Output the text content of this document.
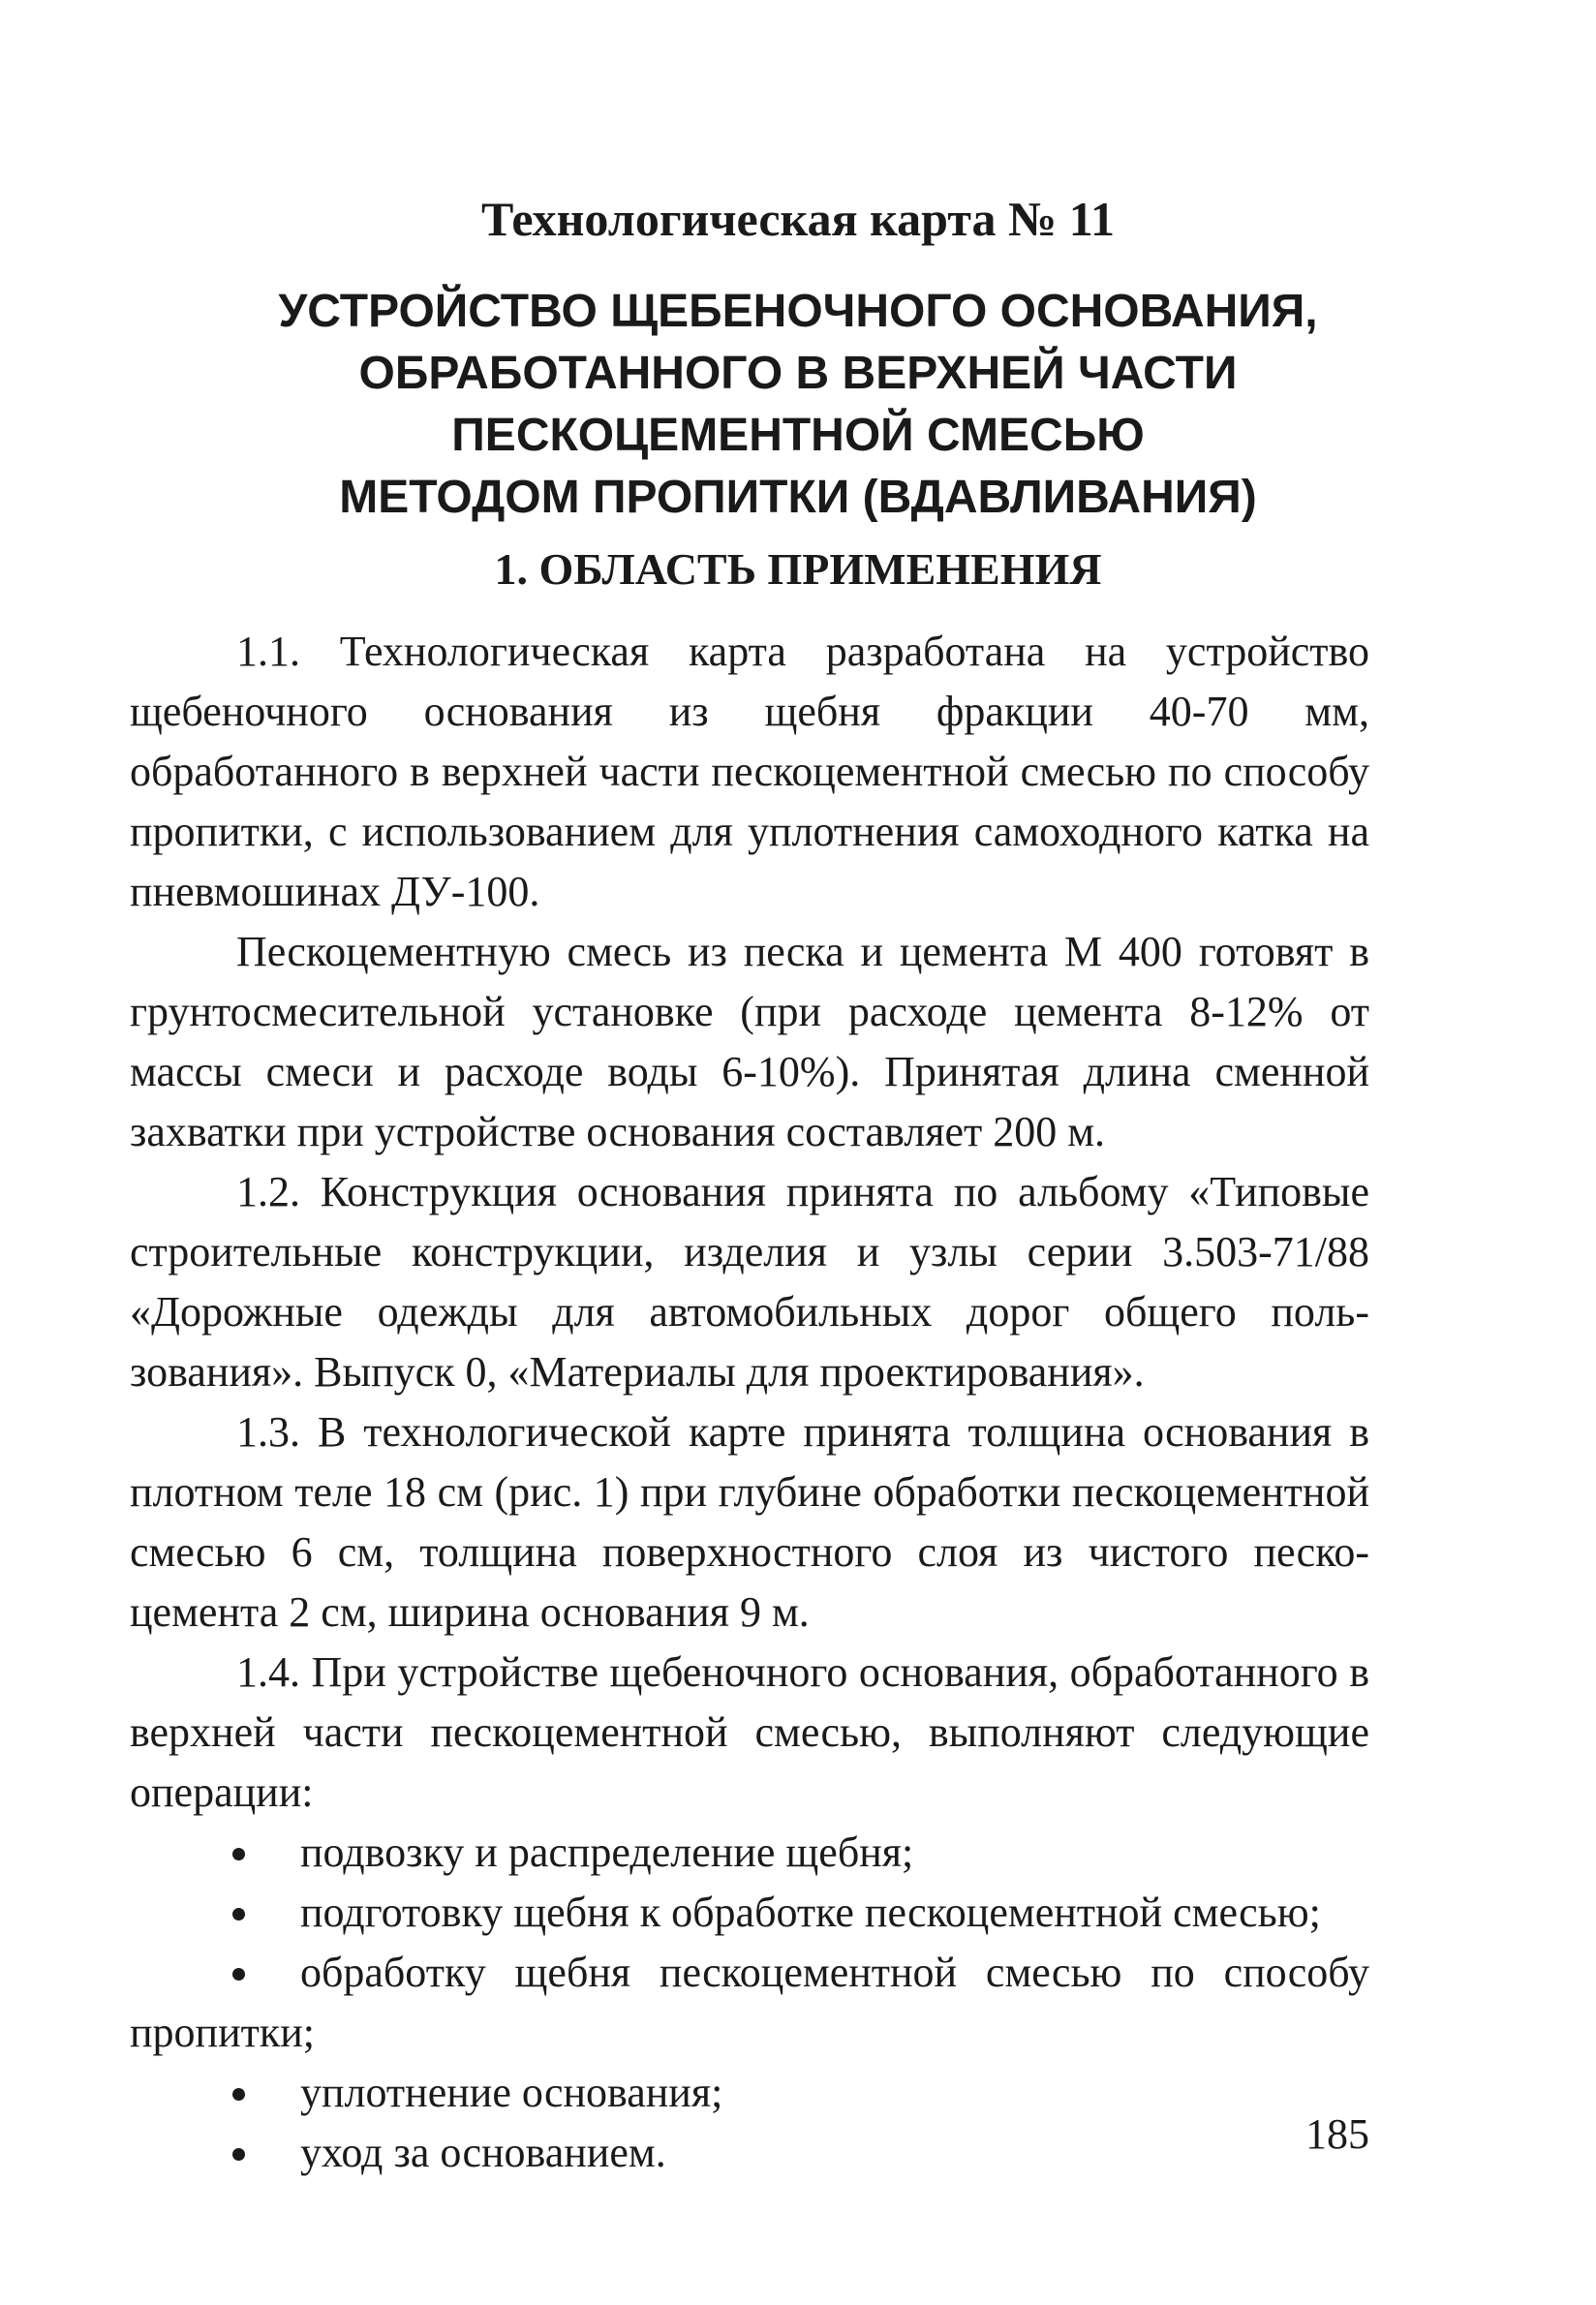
Технологическая карта № 11
УСТРОЙСТВО ЩЕБЕНОЧНОГО ОСНОВАНИЯ,
ОБРАБОТАННОГО В ВЕРХНЕЙ ЧАСТИ
ПЕСКОЦЕМЕНТНОЙ СМЕСЬЮ
МЕТОДОМ ПРОПИТКИ (ВДАВЛИВАНИЯ)
1. ОБЛАСТЬ ПРИМЕНЕНИЯ

1.1. Технологическая карта разработана на устройство щебеночного основания из щебня фракции 40-70 мм, обработанного в верхней части пескоцементной смесью по способу пропитки, с использованием для уплотнения самоходного катка на пневмошинах ДУ-100.

Пескоцементную смесь из песка и цемента М 400 готовят в грунтосмесительной установке (при расходе цемента 8-12% от массы смеси и расходе воды 6-10%). Принятая длина сменной захватки при устройстве основания составляет 200 м.

1.2. Конструкция основания принята по альбому «Типовые строительные конструкции, изделия и узлы серии 3.503-71/88 «Дорожные одежды для автомобильных дорог общего поль-зования». Выпуск 0, «Материалы для проектирования».

1.3. В технологической карте принята толщина основания в плотном теле 18 см (рис. 1) при глубине обработки пескоцементной смесью 6 см, толщина поверхностного слоя из чистого песко-цемента 2 см, ширина основания 9 м.

1.4. При устройстве щебеночного основания, обработанного в верхней части пескоцементной смесью, выполняют следующие операции:

подвозку и распределение щебня;
подготовку щебня к обработке пескоцементной смесью;
обработку щебня пескоцементной смесью по способу пропитки;
уплотнение основания;
уход за основанием.	185
